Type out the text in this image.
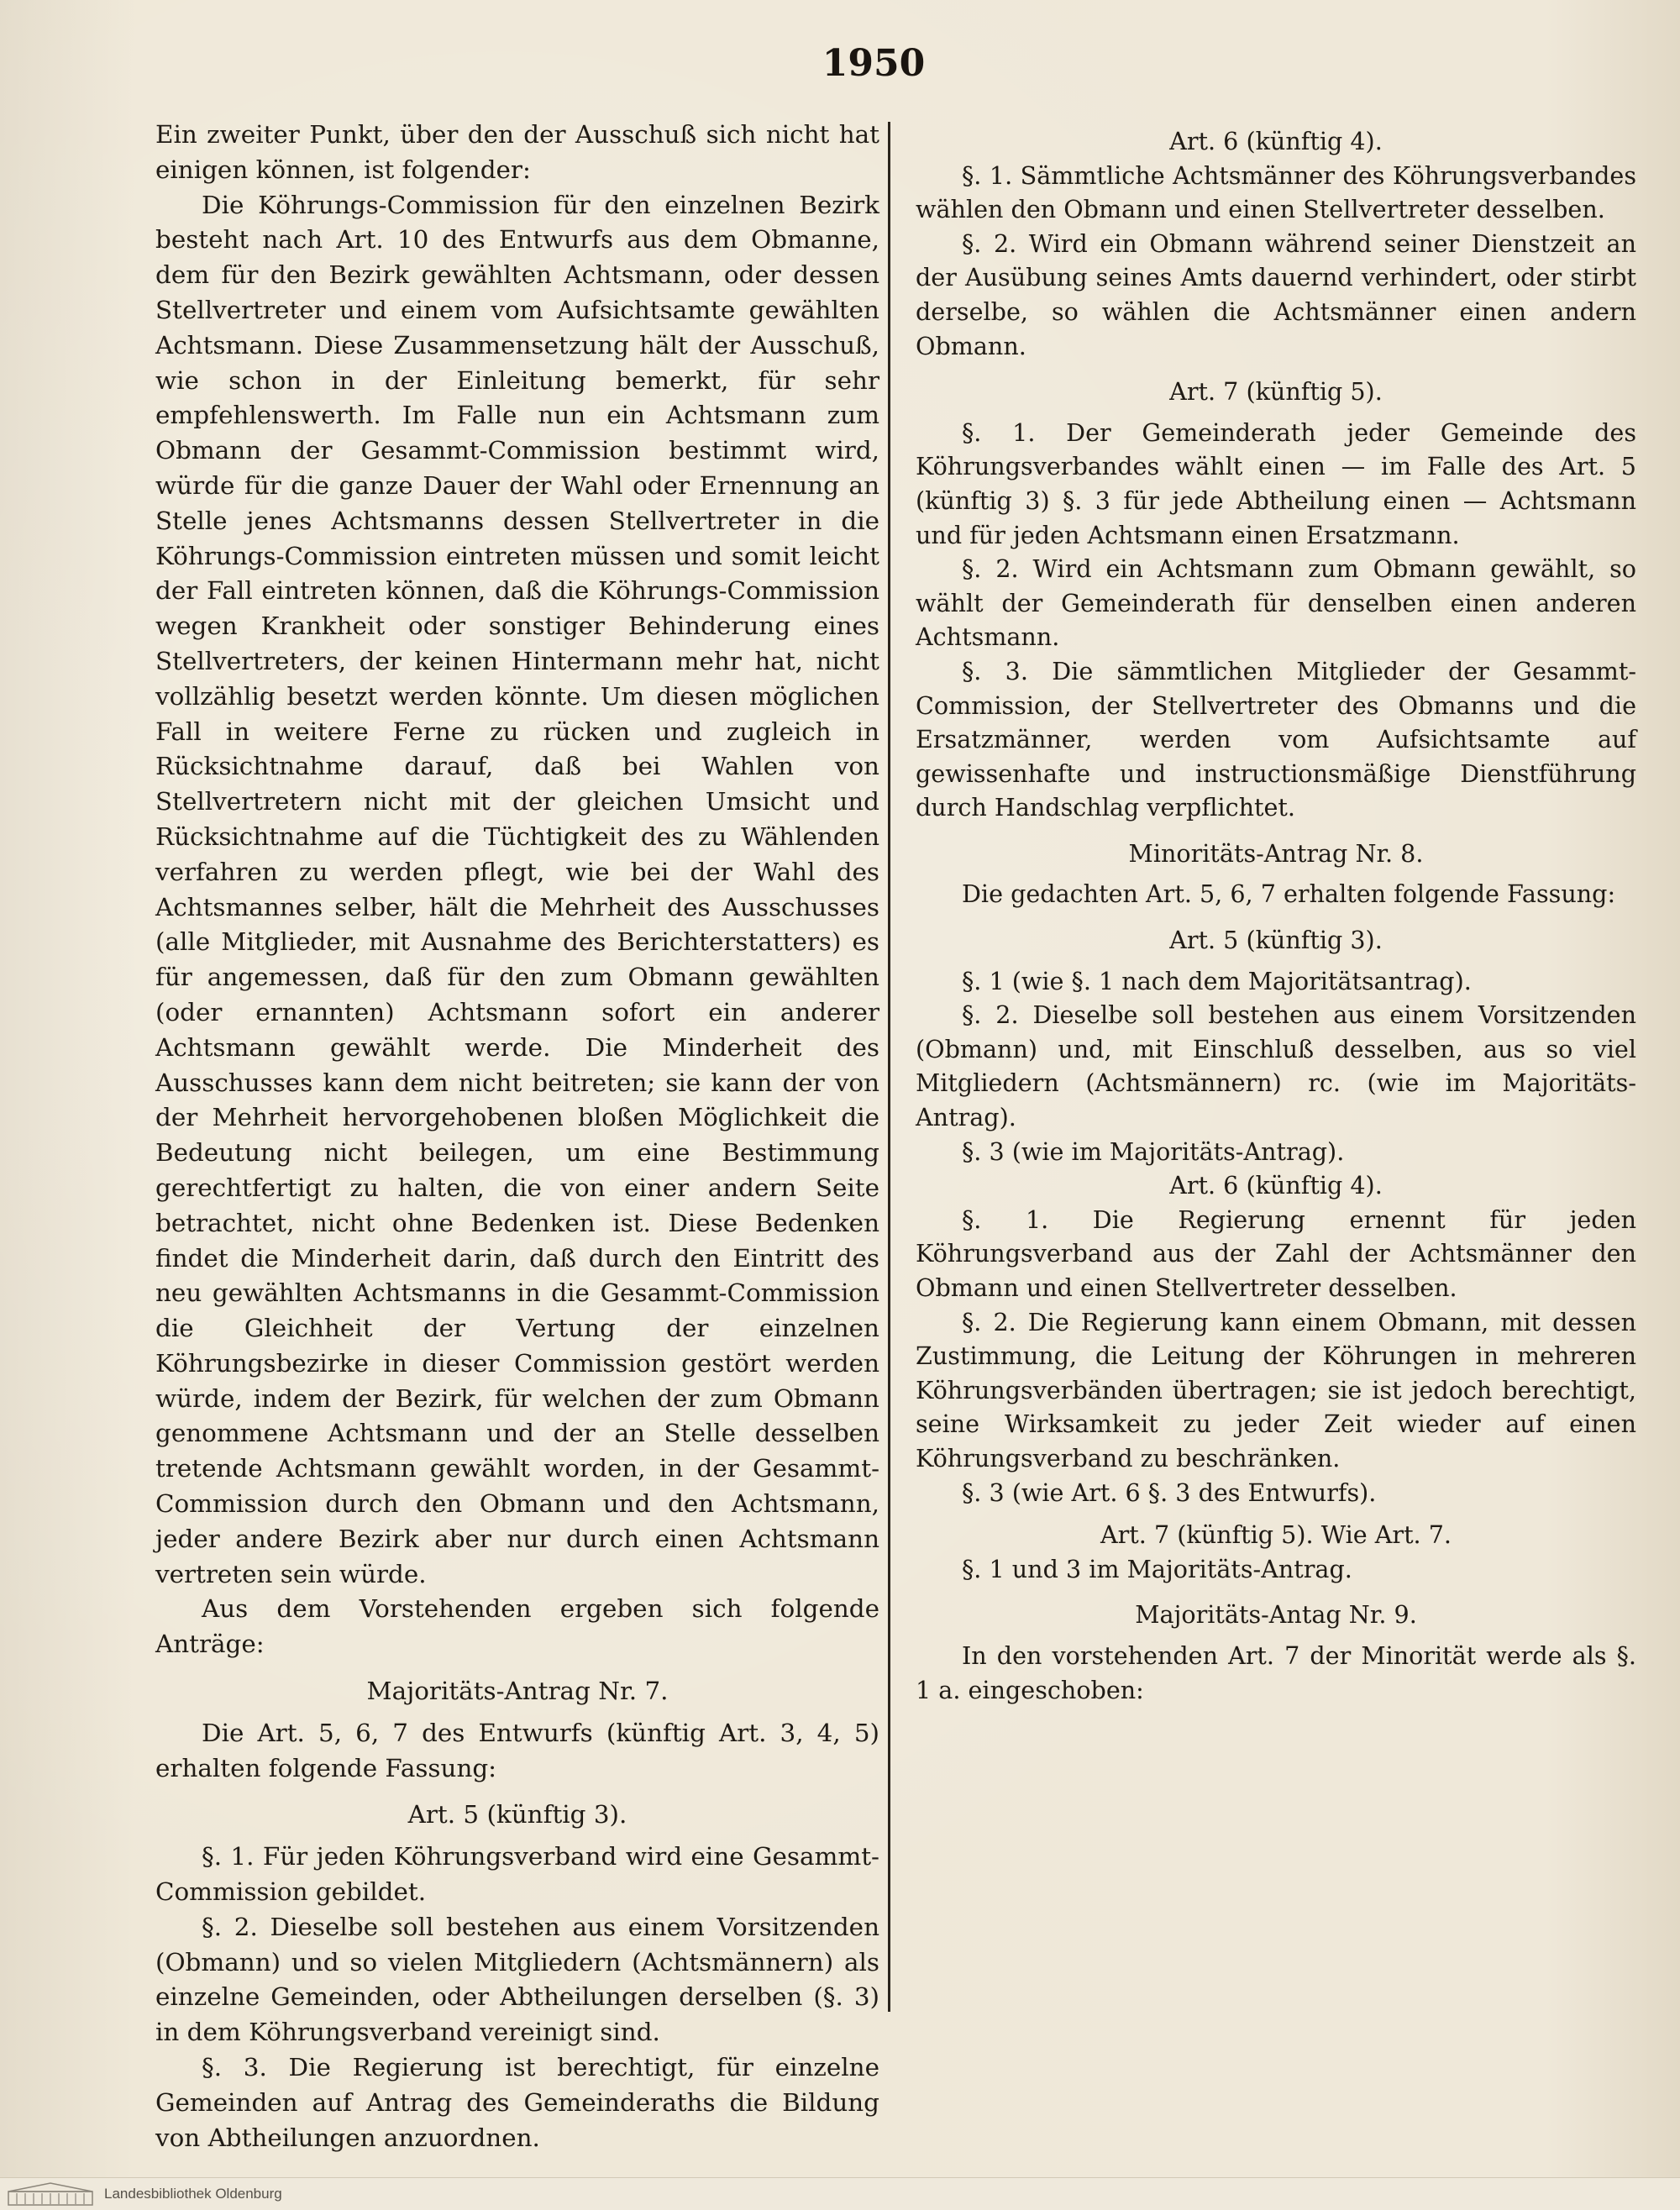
1950

Ein zweiter Punkt, über den der Ausschuß sich nicht hat einigen können, ist folgender:

Die Köhrungs-Commission für den einzelnen Bezirk besteht nach Art. 10 des Entwurfs aus dem Obmanne, dem für den Bezirk gewählten Achtsmann, oder dessen Stellvertreter und einem vom Aufsichtsamte gewählten Achtsmann. Diese Zusammensetzung hält der Ausschuß, wie schon in der Einleitung bemerkt, für sehr empfehlenswerth. Im Falle nun ein Achtsmann zum Obmann der Gesammt-Commission bestimmt wird, würde für die ganze Dauer der Wahl oder Ernennung an Stelle jenes Achtsmanns dessen Stellvertreter in die Köhrungs-Commission eintreten müssen und somit leicht der Fall eintreten können, daß die Köhrungs-Commission wegen Krankheit oder sonstiger Behinderung eines Stellvertreters, der keinen Hintermann mehr hat, nicht vollzählig besetzt werden könnte. Um diesen möglichen Fall in weitere Ferne zu rücken und zugleich in Rücksichtnahme darauf, daß bei Wahlen von Stellvertretern nicht mit der gleichen Umsicht und Rücksichtnahme auf die Tüchtigkeit des zu Wählenden verfahren zu werden pflegt, wie bei der Wahl des Achtsmannes selber, hält die Mehrheit des Ausschusses (alle Mitglieder, mit Ausnahme des Berichterstatters) es für angemessen, daß für den zum Obmann gewählten (oder ernannten) Achtsmann sofort ein anderer Achtsmann gewählt werde. Die Minderheit des Ausschusses kann dem nicht beitreten; sie kann der von der Mehrheit hervorgehobenen bloßen Möglichkeit die Bedeutung nicht beilegen, um eine Bestimmung gerechtfertigt zu halten, die von einer andern Seite betrachtet, nicht ohne Bedenken ist. Diese Bedenken findet die Minderheit darin, daß durch den Eintritt des neu gewählten Achtsmanns in die Gesammt-Commission die Gleichheit der Vertung der einzelnen Köhrungsbezirke in dieser Commission gestört werden würde, indem der Bezirk, für welchen der zum Obmann genommene Achtsmann und der an Stelle desselben tretende Achtsmann gewählt worden, in der Gesammt-Commission durch den Obmann und den Achtsmann, jeder andere Bezirk aber nur durch einen Achtsmann vertreten sein würde.

Aus dem Vorstehenden ergeben sich folgende Anträge:

Majoritäts-Antrag Nr. 7.

Die Art. 5, 6, 7 des Entwurfs (künftig Art. 3, 4, 5) erhalten folgende Fassung:

Art. 5 (künftig 3).

§. 1. Für jeden Köhrungsverband wird eine Gesammt-Commission gebildet.

§. 2. Dieselbe soll bestehen aus einem Vorsitzenden (Obmann) und so vielen Mitgliedern (Achtsmännern) als einzelne Gemeinden, oder Abtheilungen derselben (§. 3) in dem Köhrungsverband vereinigt sind.

§. 3. Die Regierung ist berechtigt, für einzelne Gemeinden auf Antrag des Gemeinderaths die Bildung von Abtheilungen anzuordnen.

Art. 6 (künftig 4).

§. 1. Sämmtliche Achtsmänner des Köhrungsverbandes wählen den Obmann und einen Stellvertreter desselben.

§. 2. Wird ein Obmann während seiner Dienstzeit an der Ausübung seines Amts dauernd verhindert, oder stirbt derselbe, so wählen die Achtsmänner einen andern Obmann.

Art. 7 (künftig 5).

§. 1. Der Gemeinderath jeder Gemeinde des Köhrungsverbandes wählt einen — im Falle des Art. 5 (künftig 3) §. 3 für jede Abtheilung einen — Achtsmann und für jeden Achtsmann einen Ersatzmann.

§. 2. Wird ein Achtsmann zum Obmann gewählt, so wählt der Gemeinderath für denselben einen anderen Achtsmann.

§. 3. Die sämmtlichen Mitglieder der Gesammt-Commission, der Stellvertreter des Obmanns und die Ersatzmänner, werden vom Aufsichtsamte auf gewissenhafte und instructionsmäßige Dienstführung durch Handschlag verpflichtet.

Minoritäts-Antrag Nr. 8.

Die gedachten Art. 5, 6, 7 erhalten folgende Fassung:

Art. 5 (künftig 3).

§. 1 (wie §. 1 nach dem Majoritätsantrag).

§. 2. Dieselbe soll bestehen aus einem Vorsitzenden (Obmann) und, mit Einschluß desselben, aus so viel Mitgliedern (Achtsmännern) rc. (wie im Majoritäts-Antrag).

§. 3 (wie im Majoritäts-Antrag).

Art. 6 (künftig 4).

§. 1. Die Regierung ernennt für jeden Köhrungsverband aus der Zahl der Achtsmänner den Obmann und einen Stellvertreter desselben.

§. 2. Die Regierung kann einem Obmann, mit dessen Zustimmung, die Leitung der Köhrungen in mehreren Köhrungsverbänden übertragen; sie ist jedoch berechtigt, seine Wirksamkeit zu jeder Zeit wieder auf einen Köhrungsverband zu beschränken.

§. 3 (wie Art. 6 §. 3 des Entwurfs).

Art. 7 (künftig 5). Wie Art. 7.

§. 1 und 3 im Majoritäts-Antrag.

Majoritäts-Antag Nr. 9.

In den vorstehenden Art. 7 der Minorität werde als §. 1 a. eingeschoben:

Landesbibliothek Oldenburg
